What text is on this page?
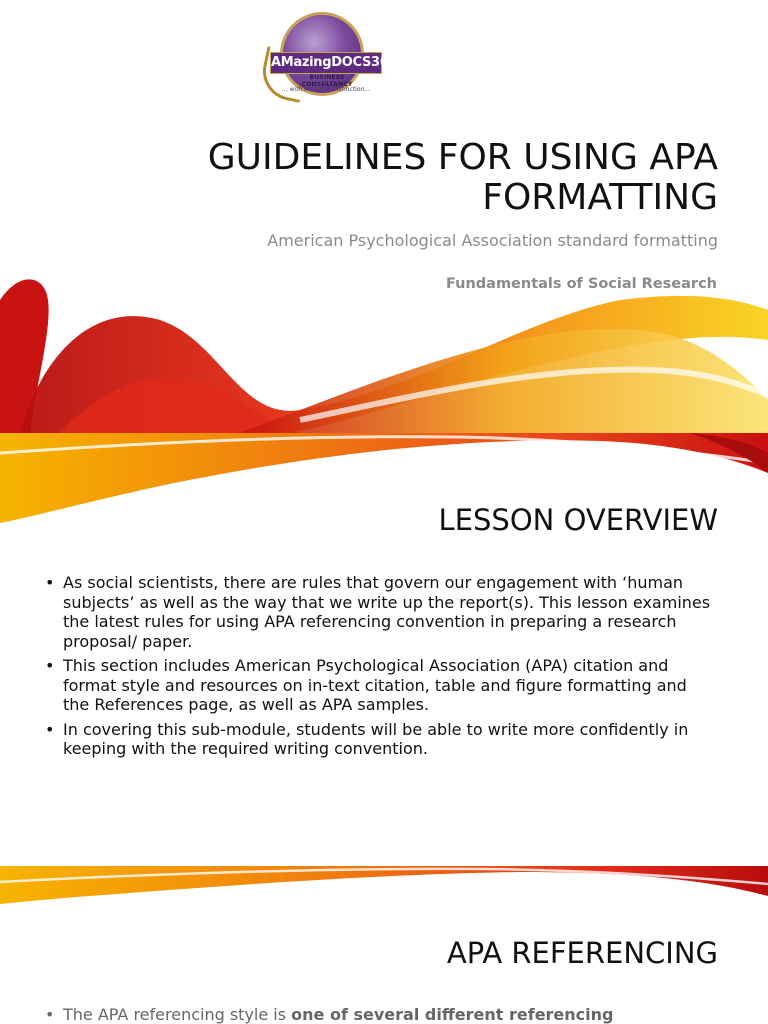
AMazingDOCS365
BUSINESS CONSULTANCY
... with Amazing Distinction...
GUIDELINES FOR USING APA FORMATTING

American Psychological Association standard formatting

Fundamentals of Social Research

LESSON OVERVIEW
• As social scientists, there are rules that govern our engagement with ‘human subjects’ as well as the way that we write up the report(s). This lesson examines the latest rules for using APA referencing convention in preparing a research proposal/ paper.
• This section includes American Psychological Association (APA) citation and format style and resources on in-text citation, table and figure formatting and the References page, as well as APA samples.
• In covering this sub-module, students will be able to write more confidently in keeping with the required writing convention.
APA REFERENCING
• The APA referencing style is one of several different referencing
